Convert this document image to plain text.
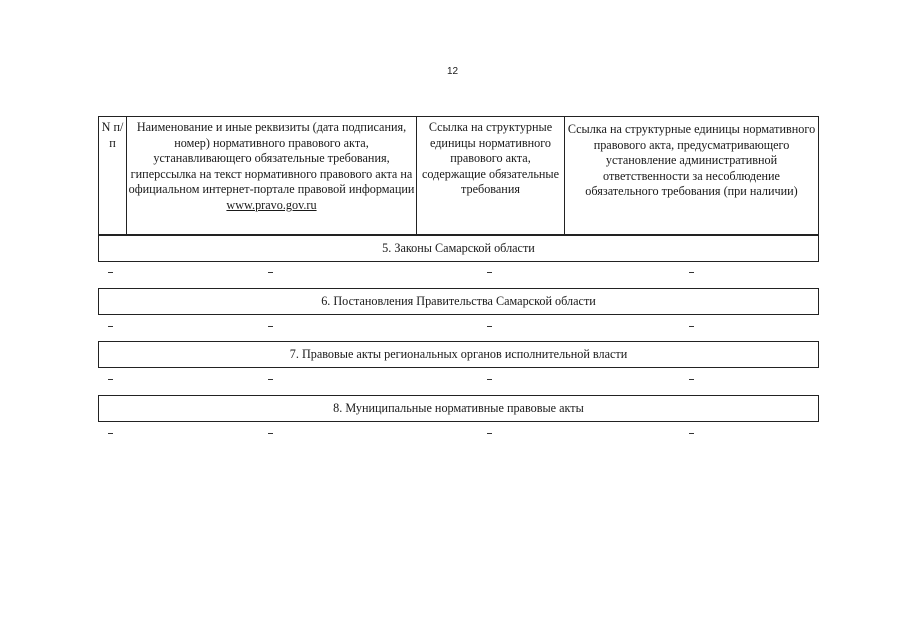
12
N п/п
Наименование и иные реквизиты (дата подписания, номер) нормативного правового акта, устанавливающего обязательные требования, гиперссылка на текст нормативного правового акта на официальном интернет-портале правовой информации
www.pravo.gov.ru
Ссылка на структурные единицы нормативного правового акта, содержащие обязательные требования
Ссылка на структурные единицы нормативного правового акта, предусматривающего установление административной ответственности за несоблюдение обязательного требования (при наличии)
5. Законы Самарской области
6. Постановления Правительства Самарской области
7. Правовые акты региональных органов исполнительной власти
8. Муниципальные нормативные правовые акты
